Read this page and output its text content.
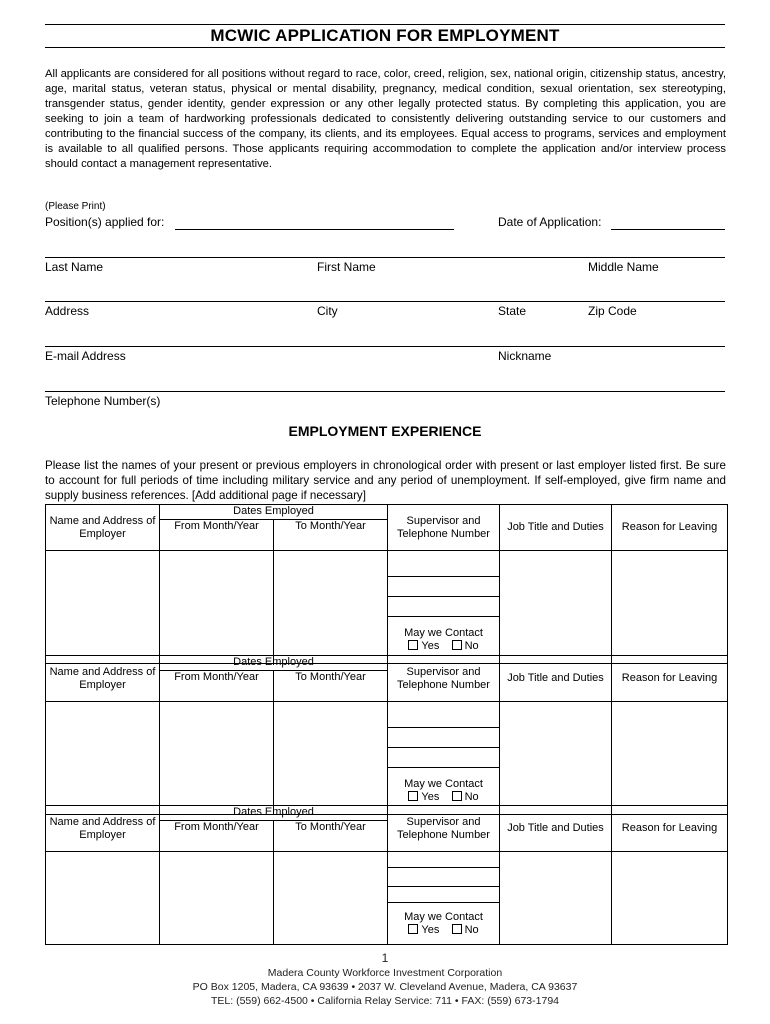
MCWIC APPLICATION FOR EMPLOYMENT
All applicants are considered for all positions without regard to race, color, creed, religion, sex, national origin, citizenship status, ancestry, age, marital status, veteran status, physical or mental disability, pregnancy, medical condition, sexual orientation, sex stereotyping, transgender status, gender identity, gender expression or any other legally protected status. By completing this application, you are seeking to join a team of hardworking professionals dedicated to consistently delivering outstanding service to our customers and contributing to the financial success of the company, its clients, and its employees. Equal access to programs, services and employment is available to all qualified persons. Those applicants requiring accommodation to complete the application and/or interview process should contact a management representative.
(Please Print)
Position(s) applied for:	Date of Application:
Last Name	First Name	Middle Name
Address	City	State	Zip Code
E-mail Address	Nickname
Telephone Number(s)
EMPLOYMENT EXPERIENCE
Please list the names of your present or previous employers in chronological order with present or last employer listed first. Be sure to account for full periods of time including military service and any period of unemployment. If self-employed, give firm name and supply business references. [Add additional page if necessary]
Name and Address of Employer	Dates Employed		Supervisor and Telephone Number	Job Title and Duties	Reason for Leaving
	From Month/Year	To Month/Year			

			May we Contact
Yes No		
Name and Address of Employer	Dates Employed		Supervisor and Telephone Number	Job Title and Duties	Reason for Leaving
	From Month/Year	To Month/Year			

			May we Contact
Yes No		
Name and Address of Employer	Dates Employed		Supervisor and Telephone Number	Job Title and Duties	Reason for Leaving
	From Month/Year	To Month/Year			

			May we Contact
Yes No		
1
Madera County Workforce Investment Corporation
PO Box 1205, Madera, CA 93639 • 2037 W. Cleveland Avenue, Madera, CA 93637
TEL: (559) 662-4500 • California Relay Service: 711 • FAX: (559) 673-1794
